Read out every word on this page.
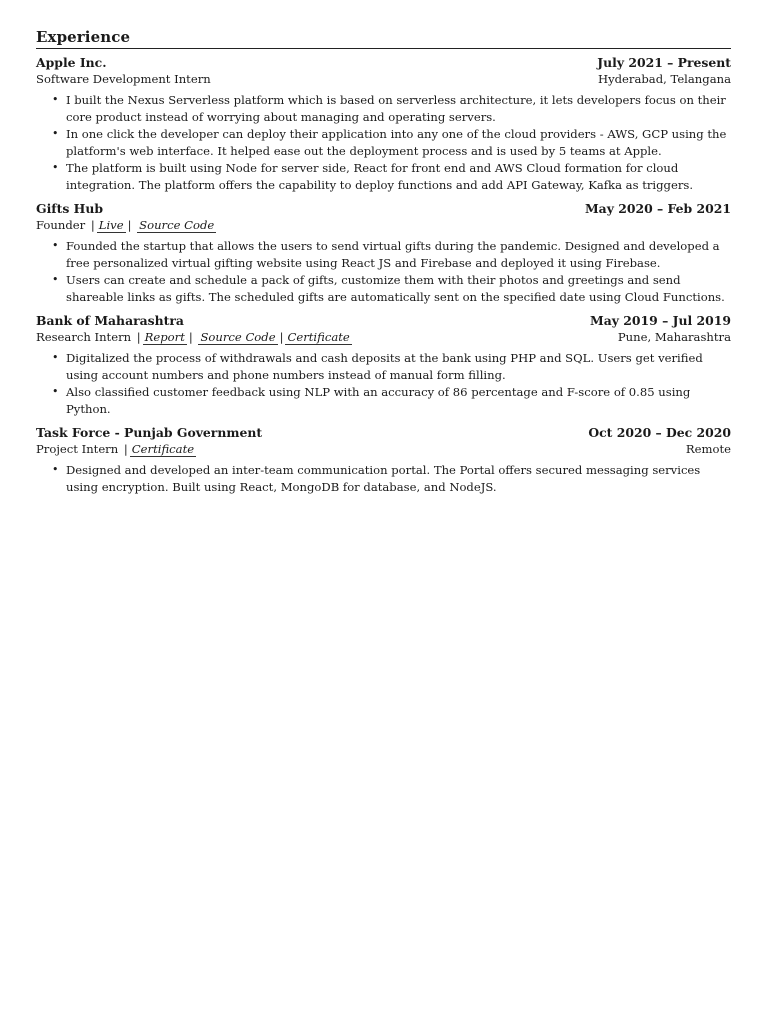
Experience
Apple Inc.	July 2021 – Present
Software Development Intern	Hyderabad, Telangana
• I built the Nexus Serverless platform which is based on serverless architecture, it lets developers focus on their core product instead of worrying about managing and operating servers.
• In one click the developer can deploy their application into any one of the cloud providers - AWS, GCP using the platform's web interface. It helped ease out the deployment process and is used by 5 teams at Apple.
• The platform is built using Node for server side, React for front end and AWS Cloud formation for cloud integration. The platform offers the capability to deploy functions and add API Gateway, Kafka as triggers.
Gifts Hub	May 2020 – Feb 2021
Founder | Live | Source Code
• Founded the startup that allows the users to send virtual gifts during the pandemic. Designed and developed a free personalized virtual gifting website using React JS and Firebase and deployed it using Firebase.
• Users can create and schedule a pack of gifts, customize them with their photos and greetings and send shareable links as gifts. The scheduled gifts are automatically sent on the specified date using Cloud Functions.
Bank of Maharashtra	May 2019 – Jul 2019
Research Intern | Report | Source Code | Certificate	Pune, Maharashtra
• Digitalized the process of withdrawals and cash deposits at the bank using PHP and SQL. Users get verified using account numbers and phone numbers instead of manual form filling.
• Also classified customer feedback using NLP with an accuracy of 86 percentage and F-score of 0.85 using Python.
Task Force - Punjab Government	Oct 2020 – Dec 2020
Project Intern | Certificate	Remote
• Designed and developed an inter-team communication portal. The Portal offers secured messaging services using encryption. Built using React, MongoDB for database, and NodeJS.
